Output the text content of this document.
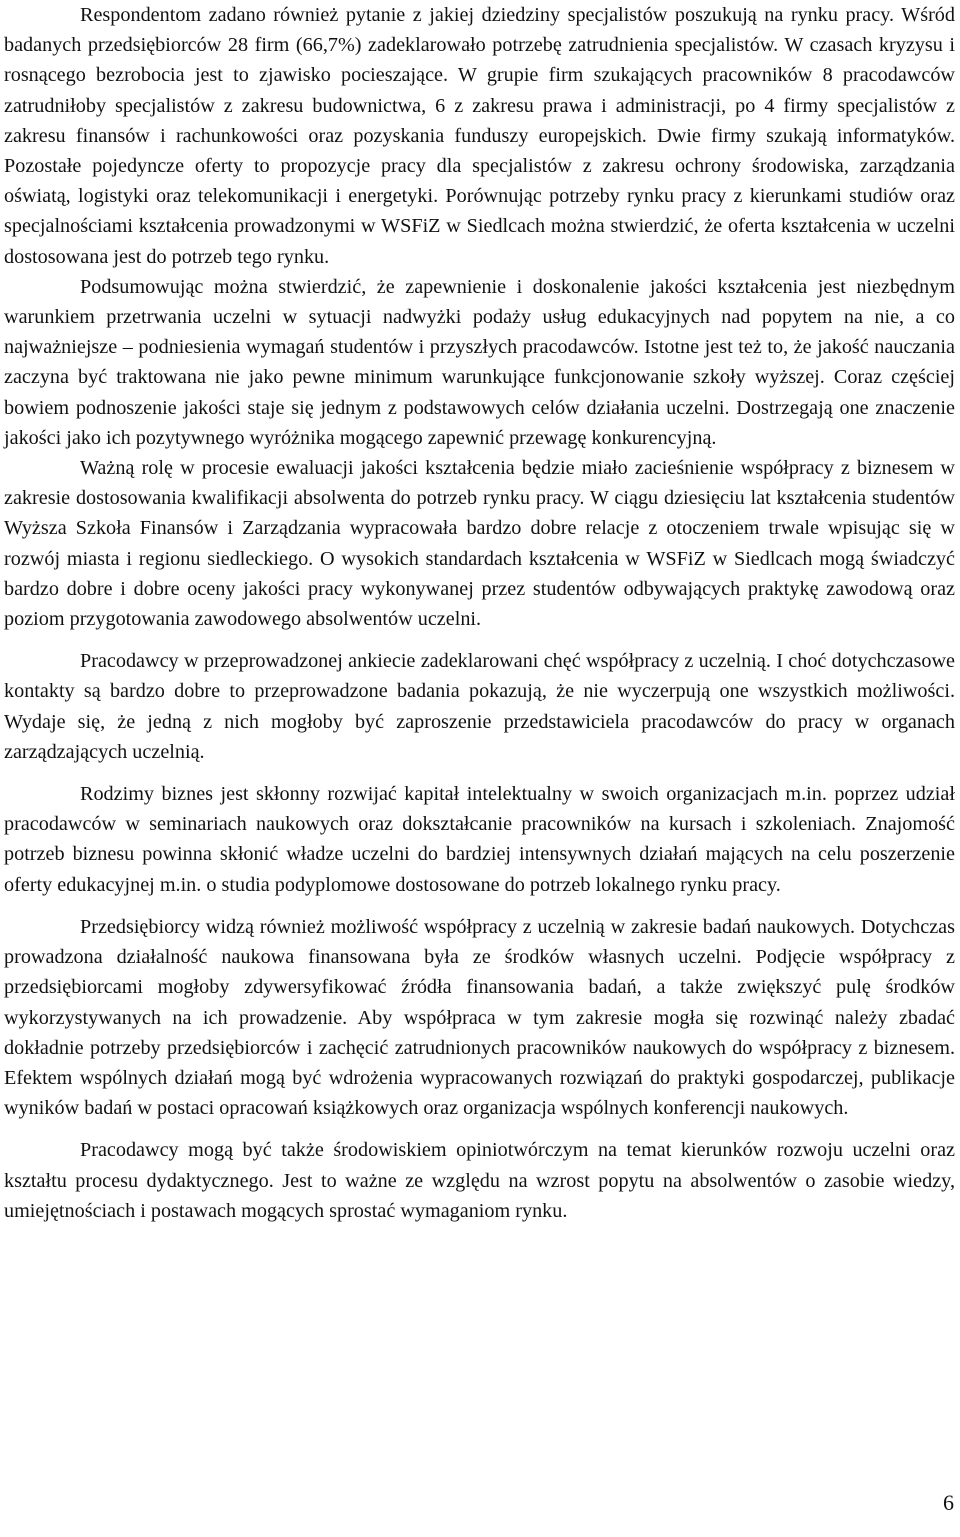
Respondentom zadano również pytanie z jakiej dziedziny specjalistów poszukują na rynku pracy. Wśród badanych przedsiębiorców 28 firm (66,7%) zadeklarowało potrzebę zatrudnienia specjalistów. W czasach kryzysu i rosnącego bezrobocia jest to zjawisko pocieszające. W grupie firm szukających pracowników 8 pracodawców zatrudniłoby specjalistów z zakresu budownictwa, 6 z zakresu prawa i administracji, po 4 firmy specjalistów z zakresu finansów i rachunkowości oraz pozyskania funduszy europejskich. Dwie firmy szukają informatyków. Pozostałe pojedyncze oferty to propozycje pracy dla specjalistów z zakresu ochrony środowiska, zarządzania oświatą, logistyki oraz telekomunikacji i energetyki. Porównując potrzeby rynku pracy z kierunkami studiów oraz specjalnościami kształcenia prowadzonymi w WSFiZ w Siedlcach można stwierdzić, że oferta kształcenia w uczelni dostosowana jest do potrzeb tego rynku.

Podsumowując można stwierdzić, że zapewnienie i doskonalenie jakości kształcenia jest niezbędnym warunkiem przetrwania uczelni w sytuacji nadwyżki podaży usług edukacyjnych nad popytem na nie, a co najważniejsze – podniesienia wymagań studentów i przyszłych pracodawców. Istotne jest też to, że jakość nauczania zaczyna być traktowana nie jako pewne minimum warunkujące funkcjonowanie szkoły wyższej. Coraz częściej bowiem podnoszenie jakości staje się jednym z podstawowych celów działania uczelni. Dostrzegają one znaczenie jakości jako ich pozytywnego wyróżnika mogącego zapewnić przewagę konkurencyjną.

Ważną rolę w procesie ewaluacji jakości kształcenia będzie miało zacieśnienie współpracy z biznesem w zakresie dostosowania kwalifikacji absolwenta do potrzeb rynku pracy. W ciągu dziesięciu lat kształcenia studentów Wyższa Szkoła Finansów i Zarządzania wypracowała bardzo dobre relacje z otoczeniem trwale wpisując się w rozwój miasta i regionu siedleckiego. O wysokich standardach kształcenia w WSFiZ w Siedlcach mogą świadczyć bardzo dobre i dobre oceny jakości pracy wykonywanej przez studentów odbywających praktykę zawodową oraz poziom przygotowania zawodowego absolwentów uczelni.

Pracodawcy w przeprowadzonej ankiecie zadeklarowani chęć współpracy z uczelnią. I choć dotychczasowe kontakty są bardzo dobre to przeprowadzone badania pokazują, że nie wyczerpują one wszystkich możliwości. Wydaje się, że jedną z nich mogłoby być zaproszenie przedstawiciela pracodawców do pracy w organach zarządzających uczelnią.

Rodzimy biznes jest skłonny rozwijać kapitał intelektualny w swoich organizacjach m.in. poprzez udział pracodawców w seminariach naukowych oraz dokształcanie pracowników na kursach i szkoleniach. Znajomość potrzeb biznesu powinna skłonić władze uczelni do bardziej intensywnych działań mających na celu poszerzenie oferty edukacyjnej m.in. o studia podyplomowe dostosowane do potrzeb lokalnego rynku pracy.

Przedsiębiorcy widzą również możliwość współpracy z uczelnią w zakresie badań naukowych. Dotychczas prowadzona działalność naukowa finansowana była ze środków własnych uczelni. Podjęcie współpracy z przedsiębiorcami mogłoby zdywersyfikować źródła finansowania badań, a także zwiększyć pulę środków wykorzystywanych na ich prowadzenie. Aby współpraca w tym zakresie mogła się rozwinąć należy zbadać dokładnie potrzeby przedsiębiorców i zachęcić zatrudnionych pracowników naukowych do współpracy z biznesem. Efektem wspólnych działań mogą być wdrożenia wypracowanych rozwiązań do praktyki gospodarczej, publikacje wyników badań w postaci opracowań książkowych oraz organizacja wspólnych konferencji naukowych.

Pracodawcy mogą być także środowiskiem opiniotwórczym na temat kierunków rozwoju uczelni oraz kształtu procesu dydaktycznego. Jest to ważne ze względu na wzrost popytu na absolwentów o zasobie wiedzy, umiejętnościach i postawach mogących sprostać wymaganiom rynku.

6
